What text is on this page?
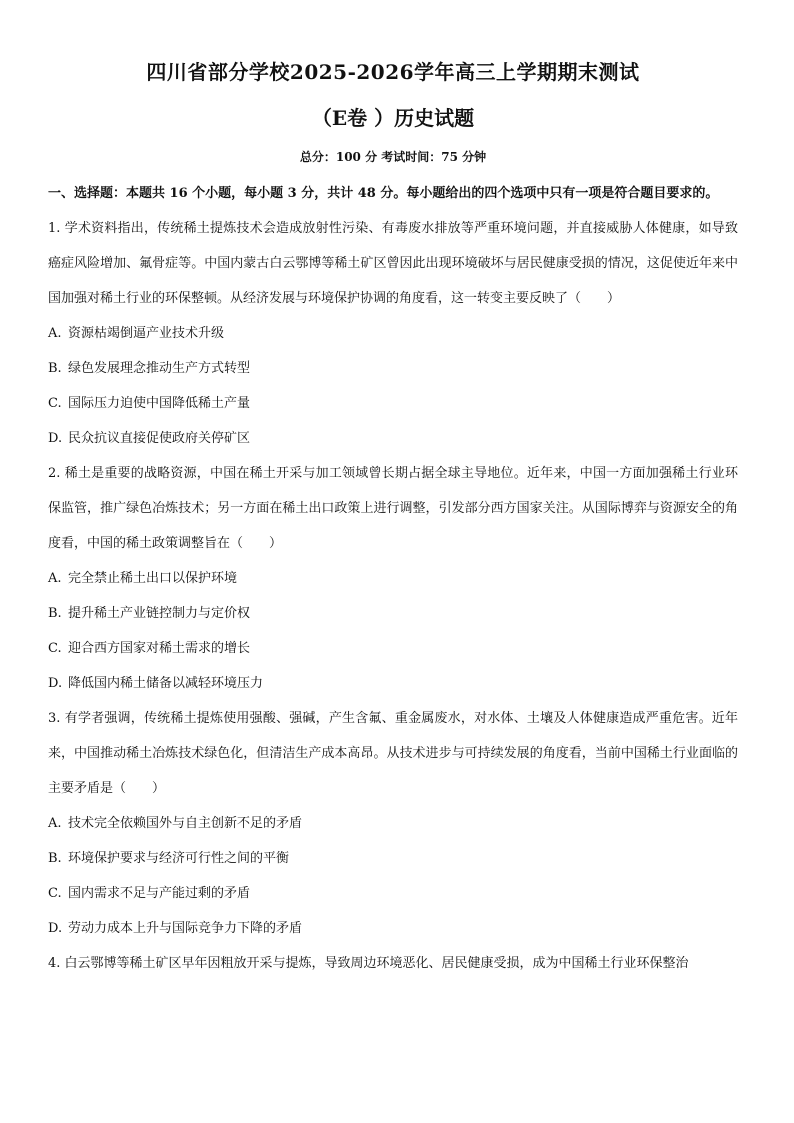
四川省部分学校2025-2026学年高三上学期期末测试
（E卷 ）历史试题
总分：100 分 考试时间：75 分钟
一、选择题：本题共 16 个小题，每小题 3 分，共计 48 分。每小题给出的四个选项中只有一项是符合题目要求的。

1. 学术资料指出，传统稀土提炼技术会造成放射性污染、有毒废水排放等严重环境问题，并直接威胁人体健康，如导致癌症风险增加、氟骨症等。中国内蒙古白云鄂博等稀土矿区曾因此出现环境破坏与居民健康受损的情况，这促使近年来中国加强对稀土行业的环保整顿。从经济发展与环境保护协调的角度看，这一转变主要反映了（　　）

A. 资源枯竭倒逼产业技术升级

B. 绿色发展理念推动生产方式转型

C. 国际压力迫使中国降低稀土产量

D. 民众抗议直接促使政府关停矿区

2. 稀土是重要的战略资源，中国在稀土开采与加工领域曾长期占据全球主导地位。近年来，中国一方面加强稀土行业环保监管，推广绿色冶炼技术；另一方面在稀土出口政策上进行调整，引发部分西方国家关注。从国际博弈与资源安全的角度看，中国的稀土政策调整旨在（　　）

A. 完全禁止稀土出口以保护环境

B. 提升稀土产业链控制力与定价权

C. 迎合西方国家对稀土需求的增长

D. 降低国内稀土储备以减轻环境压力

3. 有学者强调，传统稀土提炼使用强酸、强碱，产生含氟、重金属废水，对水体、土壤及人体健康造成严重危害。近年来，中国推动稀土冶炼技术绿色化，但清洁生产成本高昂。从技术进步与可持续发展的角度看，当前中国稀土行业面临的主要矛盾是（　　）

A. 技术完全依赖国外与自主创新不足的矛盾

B. 环境保护要求与经济可行性之间的平衡

C. 国内需求不足与产能过剩的矛盾

D. 劳动力成本上升与国际竞争力下降的矛盾

4. 白云鄂博等稀土矿区早年因粗放开采与提炼，导致周边环境恶化、居民健康受损，成为中国稀土行业环保整治
